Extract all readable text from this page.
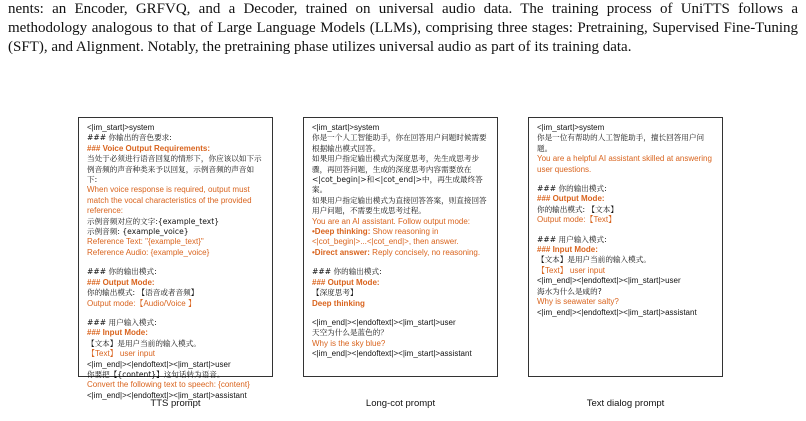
nents: an Encoder, GRFVQ, and a Decoder, trained on universal audio data. The training process of UniTTS follows a methodology analogous to that of Large Language Models (LLMs), comprising three stages: Pretraining, Supervised Fine-Tuning (SFT), and Alignment. Notably, the pretraining phase utilizes universal audio as part of its training data.

<|im_start|>system
### 你输出的音色要求:
### Voice Output Requirements:
当处于必须进行语音回复的情形下，你应该以如下示例音频的声音种类来予以回复，示例音频的声音如下:
When voice response is required, output must match the vocal characteristics of the provided reference:
示例音频对应的文字:{example_text}
示例音频: {example_voice}
Reference Text: "{example_text}"
Reference Audio: {example_voice}
### 你的输出模式:
### Output Mode:
你的输出模式: 【语音或者音频】
Output mode:【Audio/Voice 】
### 用户输入模式:
### Input Mode:
【文本】是用户当前的输入模式。
【Text】 user input
<|im_end|><|endoftext|><|im_start|>user
你要把【{content}】这句话转为语音。
Convert the following text to speech: {content}
<|im_end|><|endoftext|><|im_start|>assistant
<|im_start|>system
你是一个人工智能助手，你在回答用户问题时候需要根据输出模式回答。
如果用户指定输出模式为深度思考，先生成思考步骤，再回答问题，生成的深度思考内容需要放在<|cot_begin|>和<|cot_end|>中，再生成最终答案。
如果用户指定输出模式为直接回答答案，则直接回答用户问题，不需要生成思考过程。
You are an AI assistant. Follow output mode:
•Deep thinking: Show reasoning in <|cot_begin|>...<|cot_end|>, then answer.
•Direct answer: Reply concisely, no reasoning.
### 你的输出模式:
### Output Mode:
【深度思考】
Deep thinking
<|im_end|><|endoftext|><|im_start|>user
天空为什么是蓝色的？
Why is the sky blue?
<|im_end|><|endoftext|><|im_start|>assistant
<|im_start|>system
你是一位有帮助的人工智能助手，擅长回答用户问题。
You are a helpful AI assistant skilled at answering user questions.
### 你的输出模式:
### Output Mode:
你的输出模式: 【文本】
Output mode:【Text】
### 用户输入模式:
### Input Mode:
【文本】是用户当前的输入模式。
【Text】 user input
<|im_end|><|endoftext|><|im_start|>user
海水为什么是咸的?
Why is seawater salty?
<|im_end|><|endoftext|><|im_start|>assistant
TTS prompt	Long-cot prompt	Text dialog prompt
